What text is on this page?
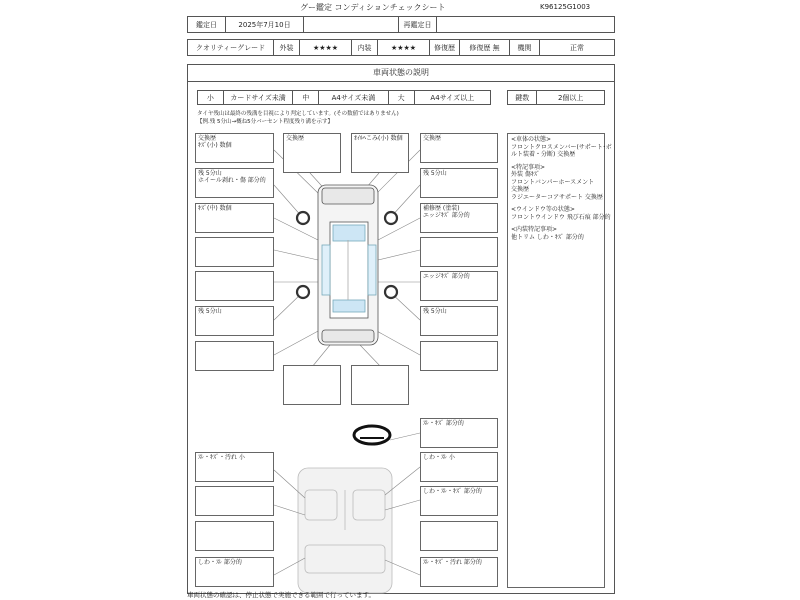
グー鑑定 コンディションチェックシート	K96125G1003
鑑定日	2025年7月10日	再鑑定日
クオリティーグレード	外装	★★★★	内装	★★★★	修復歴	修復歴 無	機関	正常
車両状態の説明
小	カードサイズ未満	中	A4サイズ未満	大	A4サイズ以上	鍵数	2個以上
タイヤ残山は最終の残溝を目視により判定しています。(その数値ではありません)
【例.残 5分山→概ね5分バーセント程度残り溝を示す】
交換歴
ｷｽﾞ(小) 数個
残 5分山
ホイール剥れ・傷 部分的
ｷｽﾞ(中) 数個
残 5分山
交換歴	ｵｲﾙﾍこみ(小) 数個	交換歴
残 5分山
補修歴 (塗装)
エッジｷｽﾞ 部分的
エッジｷｽﾞ 部分的
残 5分山
ｽﾚ・ｷｽﾞ 部分的
しわ・ｽﾚ 小
しわ・ｽﾚ・ｷｽﾞ 部分的
ｽﾚ・ｷｽﾞ・汚れ 部分的
ｽﾚ・ｷｽﾞ・汚れ 小
しわ・ｽﾚ 部分的
<車体の状態>
フロントクロスメンバー(サポート･ボ
ルト装着・分断) 交換歴
<特記事項>
外装 傷ｷｽﾞ
フロントバンパーホースメント
交換歴
ラジエーターコアサポート 交換歴
<ウインドウ等の状態>
フロントウインドウ 飛び石痕 部分的
<内装特記事項>
他トリム しわ・ｷｽﾞ 部分的
車両状態の確認は、停止状態で実施できる範囲で行っています。
